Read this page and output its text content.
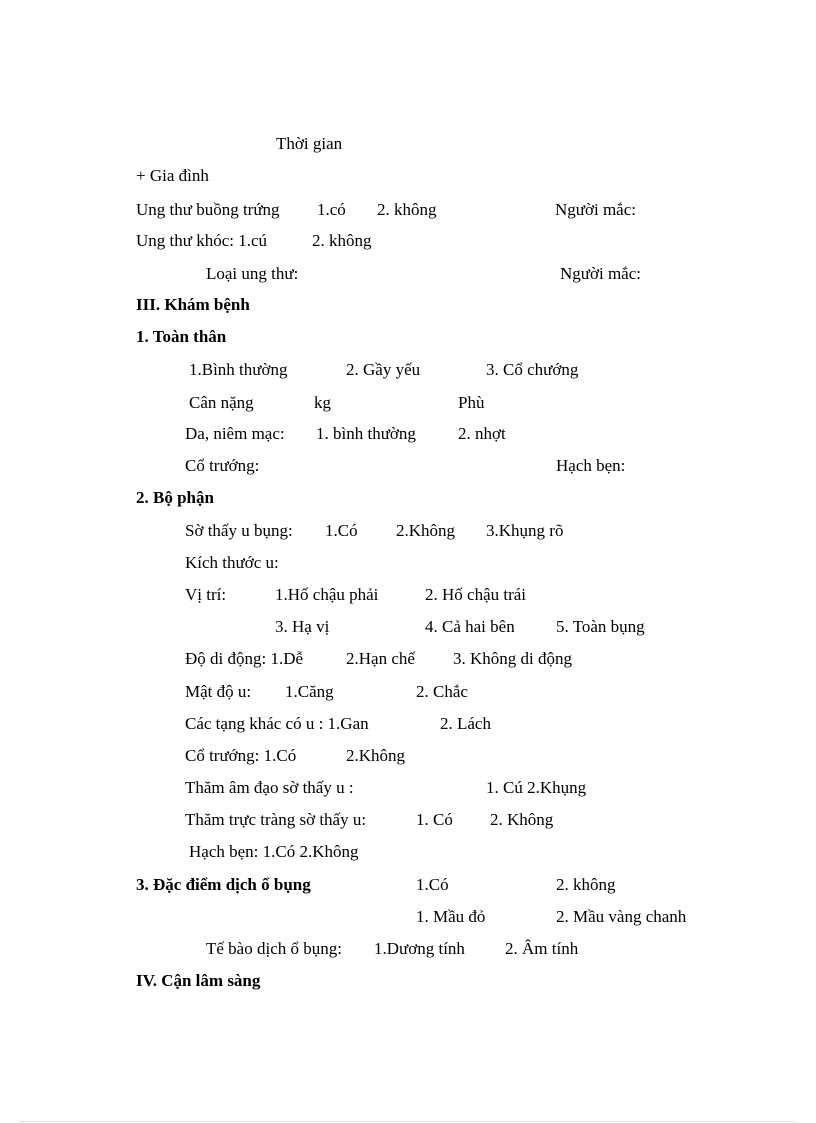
Thời gian
+ Gia đình
Ung thư buồng trứng 1.có 2. không	Người mắc:
Ung thư khóc: 1.cú	2. không
Loại ung thư:	Người mắc:
III. Khám bệnh
1. Toàn thân
1.Bình thường	2. Gầy yếu	3. Cổ chướng
Cân nặng	kg	Phù
Da, niêm mạc: 1. bình thường 2. nhợt
Cổ trướng:	Hạch bẹn:
2. Bộ phận
Sờ thấy u bụng: 1.Có 2.Không 3.Khụng rõ
Kích thước u:
Vị trí:	1.Hố chậu phải	2. Hố chậu trái
3. Hạ vị	4. Cả hai bên 5. Toàn bụng
Độ di động: 1.Dễ	2.Hạn chế 3. Không di động
Mật độ u: 1.Căng	2. Chắc
Các tạng khác có u : 1.Gan	2. Lách
Cổ trướng: 1.Có	2.Không
Thăm âm đạo sờ thấy u :	1. Cú 2.Khụng
Thăm trực tràng sờ thấy u:	1. Có 2. Không
Hạch bẹn: 1.Có 2.Không
3. Đặc điểm dịch ổ bụng	1.Có	2. không
1. Mầu đỏ	2. Mầu vàng chanh
Tế bào dịch ổ bụng: 1.Dương tính 2. Âm tính
IV. Cận lâm sàng
